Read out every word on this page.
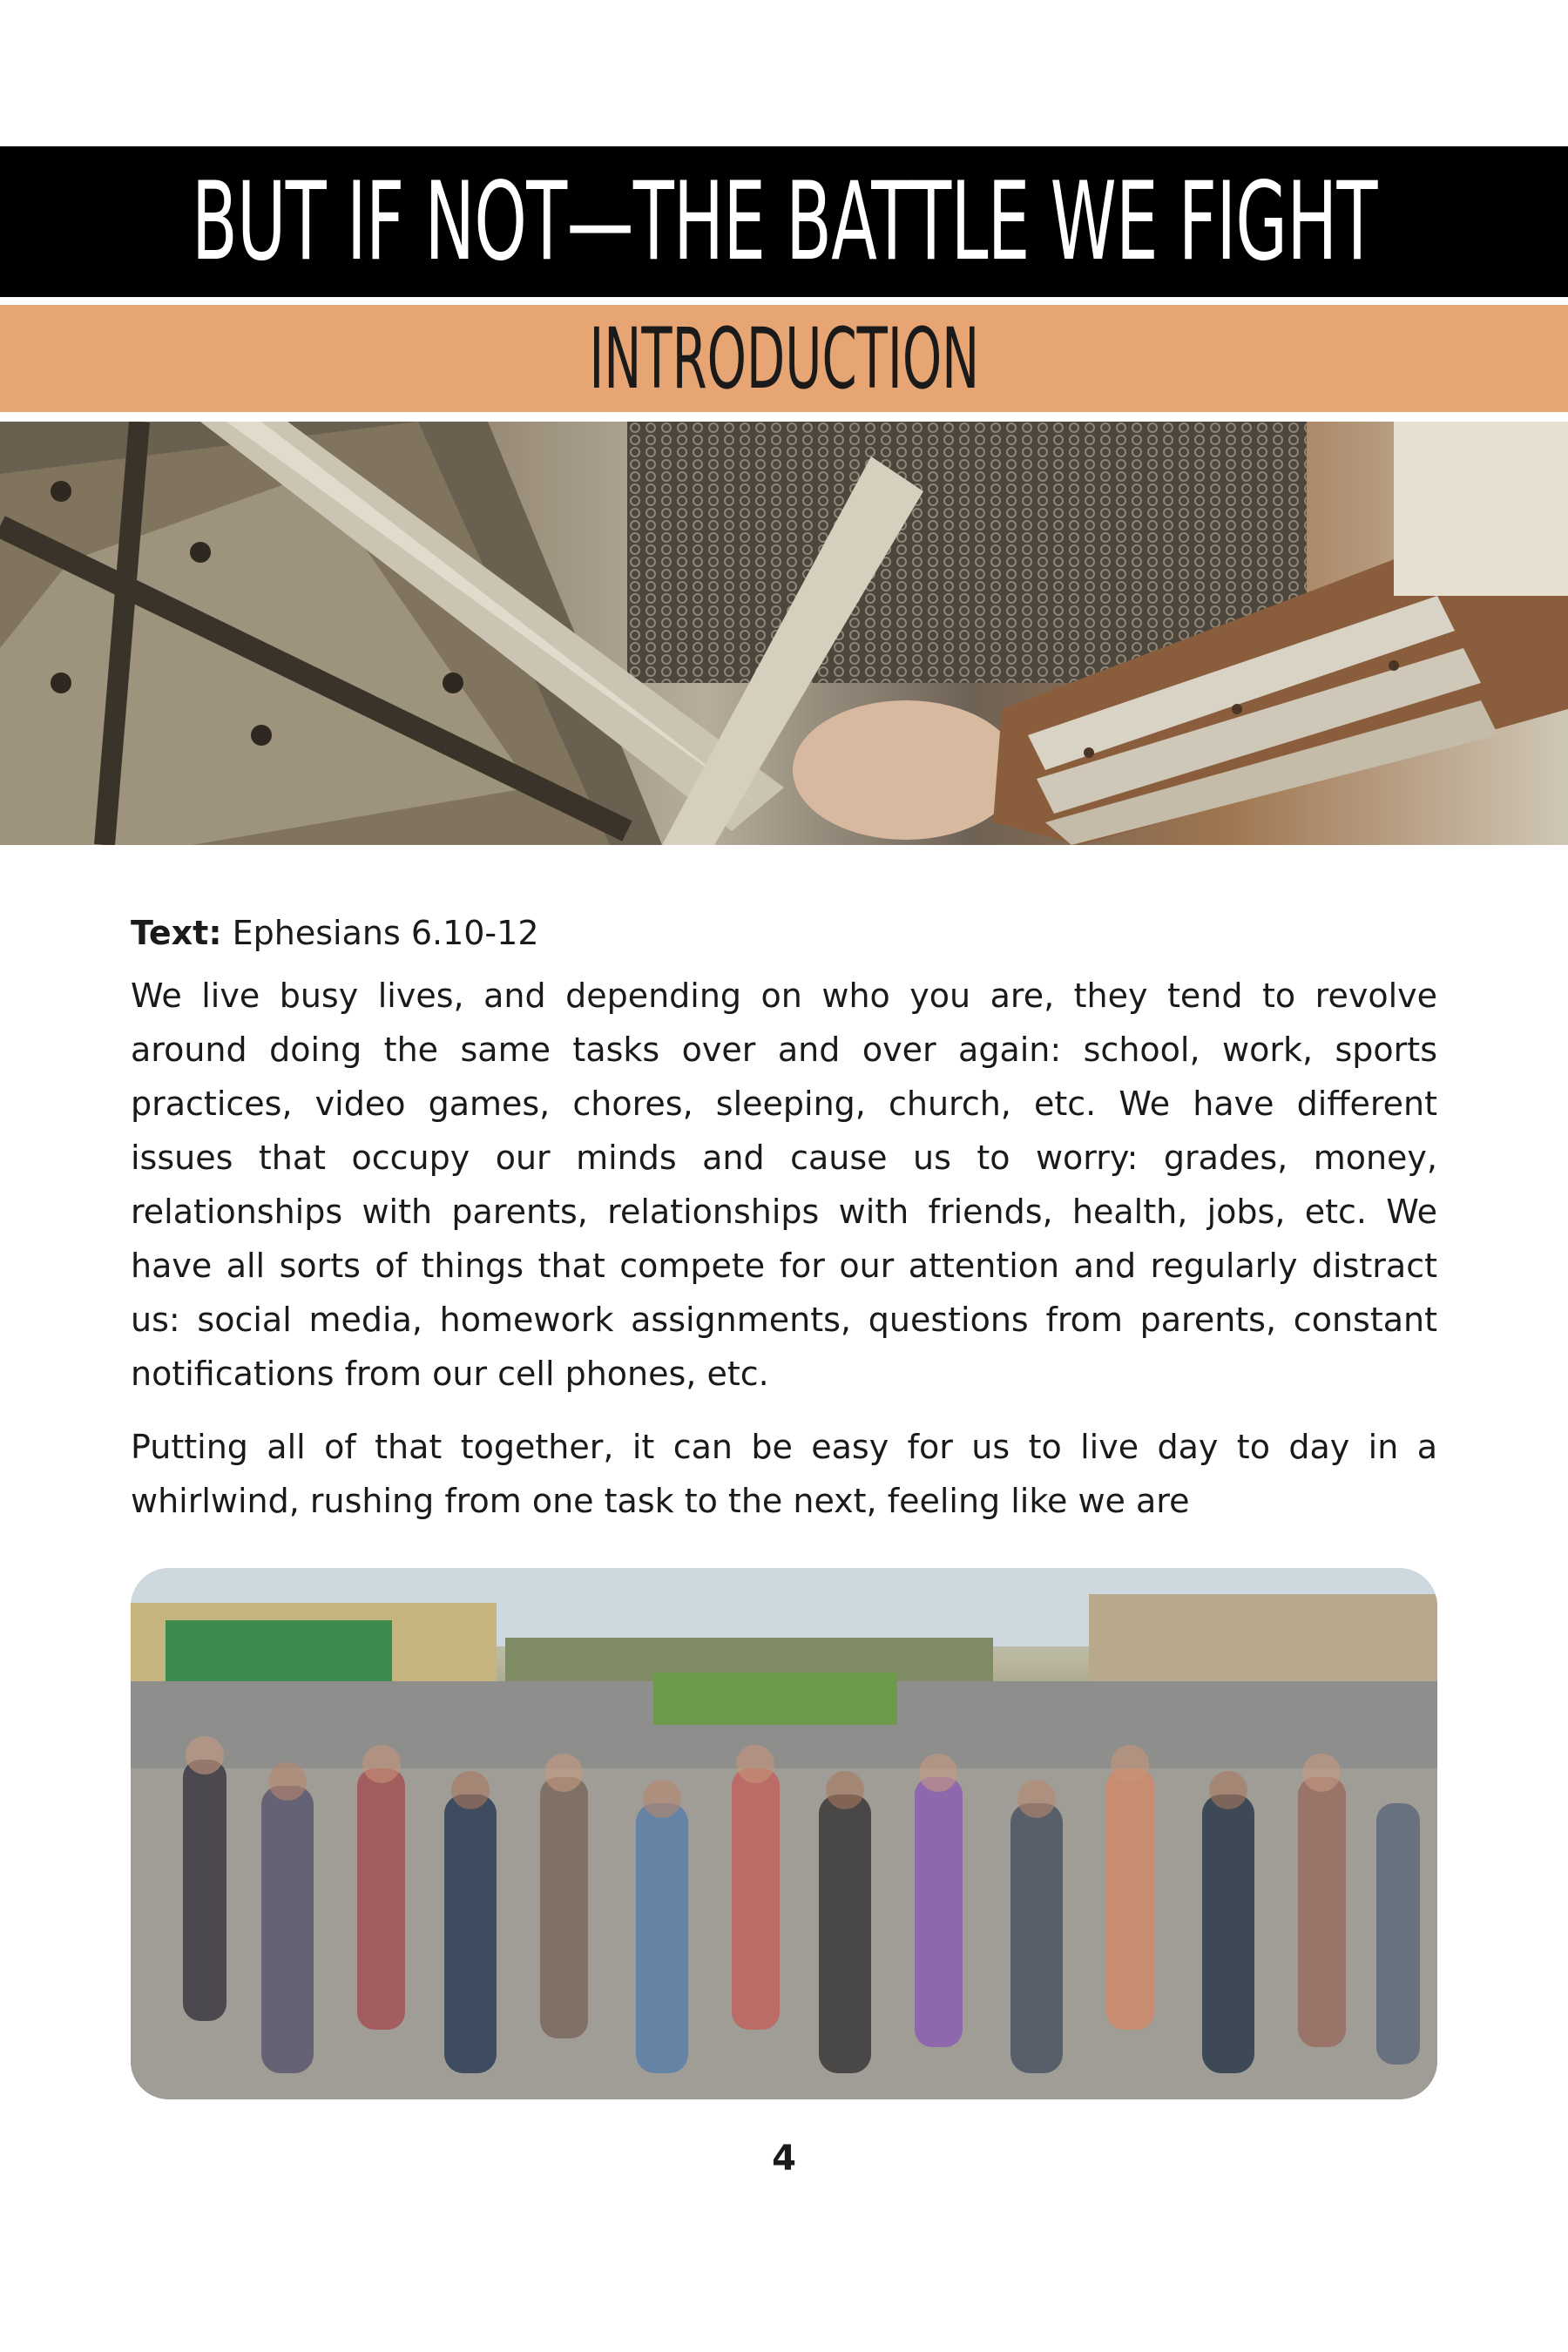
BUT IF NOT—THE BATTLE WE FIGHT
INTRODUCTION

Text: Ephesians 6.10-12

We live busy lives, and depending on who you are, they tend to revolve around doing the same tasks over and over again: school, work, sports practices, video games, chores, sleeping, church, etc. We have different issues that occupy our minds and cause us to worry: grades, money, relationships with parents, relationships with friends, health, jobs, etc. We have all sorts of things that compete for our attention and regularly distract us: social media, homework assignments, questions from parents, constant notifications from our cell phones, etc.

Putting all of that together, it can be easy for us to live day to day in a whirlwind, rushing from one task to the next, feeling like we are

4
